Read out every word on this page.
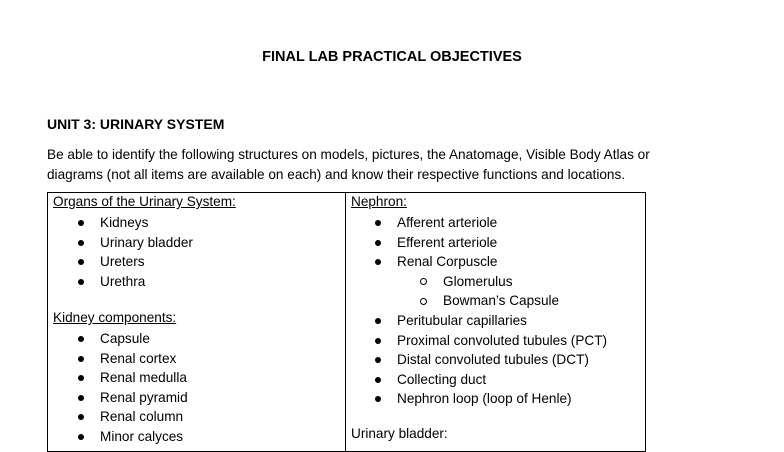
FINAL LAB PRACTICAL OBJECTIVES
UNIT 3: URINARY SYSTEM
Be able to identify the following structures on models, pictures, the Anatomage, Visible Body Atlas or
diagrams (not all items are available on each) and know their respective functions and locations.
Organs of the Urinary System:
Kidneys
Urinary bladder
Ureters
Urethra
Kidney components:
Capsule
Renal cortex
Renal medulla
Renal pyramid
Renal column
Minor calyces
Nephron:
Afferent arteriole
Efferent arteriole
Renal Corpuscle
Glomerulus
Bowman’s Capsule
Peritubular capillaries
Proximal convoluted tubules (PCT)
Distal convoluted tubules (DCT)
Collecting duct
Nephron loop (loop of Henle)
Urinary bladder:
